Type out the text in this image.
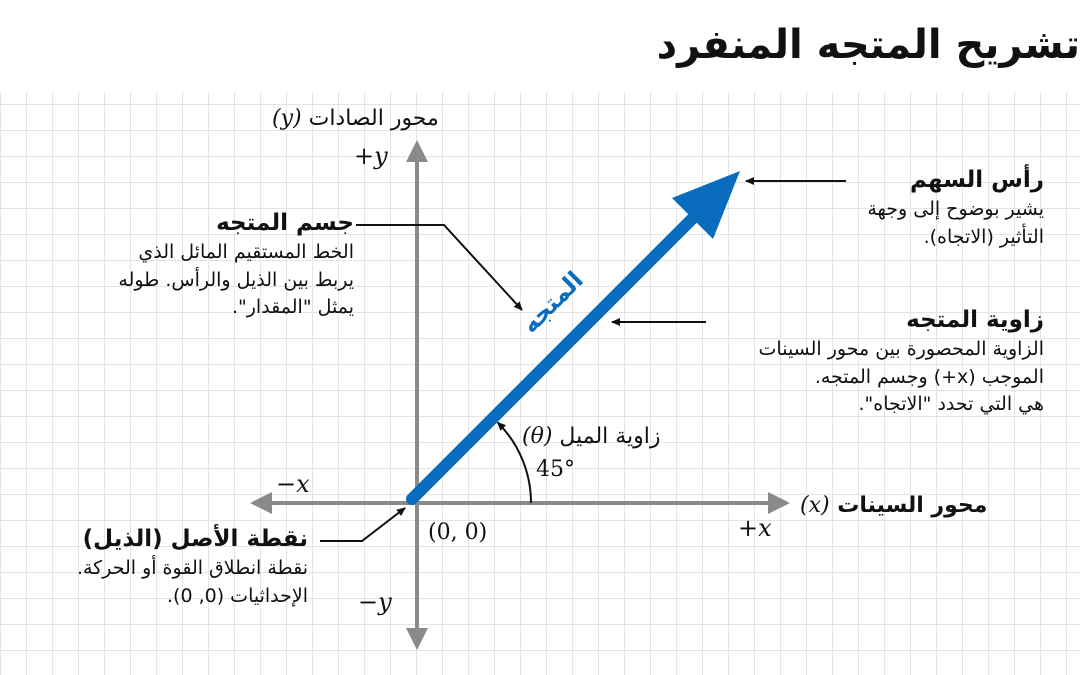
تشريح المتجه المنفرد
المتجه
(y) محور الصادات
+y
−y
−x
+x
(x) محور السينات
(0, 0)
(θ) زاوية الميل
45°
رأس السهم
يشير بوضوح إلى وجهة
التأثير (الاتجاه).
جسم المتجه
الخط المستقيم المائل الذي
يربط بين الذيل والرأس. طوله
يمثل "المقدار".	زاوية المتجه
الزاوية المحصورة بين محور السينات
الموجب (x+) وجسم المتجه.
هي التي تحدد "الاتجاه".
نقطة الأصل (الذيل)
نقطة انطلاق القوة أو الحركة.
الإحداثيات (0, 0).
